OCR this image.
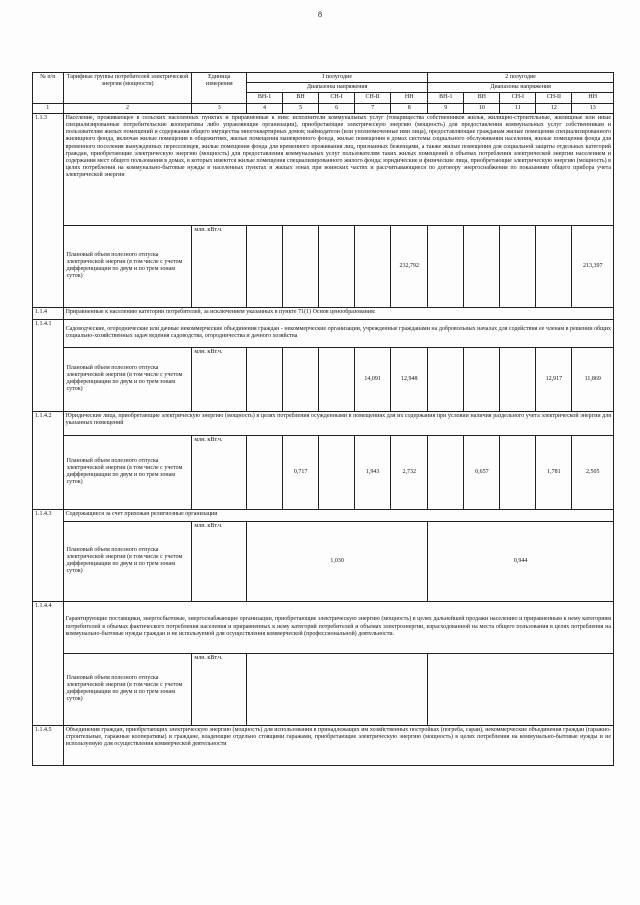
8
№ п/п	Тарифные группы потребителей электрической энергии (мощности)	Единица измерения	I полугодие					2 полугодие				
			Диапазоны напряжения					Диапазоны напряжения				
			ВН-1	ВН	СН-I	СН-II	НН	ВН-1	ВН	СН-I	СН-II	НН
1	2	3	4	5	6	7	8	9	10	11	12	13
1.1.3	Население, проживающее в сельских населенных пунктах и приравненные к ним: исполнители коммунальных услуг (товарищества собственников жилья, жилищно-строительные, жилищные или иные специализированные потребительские кооперативы либо управляющие организации), приобретающие электрическую энергию (мощность) для предоставления коммунальных услуг собственникам и пользователям жилых помещений и содержания общего имущества многоквартирных домов; наймодатели (или уполномоченные ими лица), предоставляющие гражданам жилые помещения специализированного жилищного фонда, включая жилые помещения в общежитиях, жилые помещения маневренного фонда, жилые помещения в домах системы социального обслуживания населения, жилые помещения фонда для временного поселения вынужденных переселенцев, жилые помещения фонда для временного проживания лиц, признанных беженцами, а также жилые помещения для социальной защиты отдельных категорий граждан, приобретающие электрическую энергию (мощность) для предоставления коммунальных услуг пользователям таких жилых помещений в объемах потребления электрической энергии населением и содержания мест общего пользования в домах, в которых имеются жилые помещения специализированного жилого фонда; юридические и физические лица, приобретающие электрическую энергию (мощность) в целях потребления на коммунально-бытовые нужды в населенных пунктах и жилых зонах при воинских частях и рассчитывающиеся по договору энергоснабжения по показаниям общего прибора учета электрической энергии											
	Плановый объем полезного отпуска электрической энергии (в том числе с учетом дифференциации по двум и по трем зонам суток)	млн. кВт.ч.					232,792					213,397
1.1.4	Приравненные к населению категории потребителей, за исключением указанных в пункте 71(1) Основ ценообразования:											
1.1.4.1	Садоводческие, огороднические или дачные некоммерческие объединения граждан - некоммерческие организации, учрежденные гражданами на добровольных началах для содействия ее членам в решении общих социально-хозяйственных задач ведения садоводства, огородничества и дачного хозяйства											
	Плановый объем полезного отпуска электрической энергии (в том числе с учетом дифференциации по двум и по трем зонам суток)	млн. кВт.ч.				14,091	12,948				12,917	11,869
1.1.4.2	Юридические лица, приобретающие электрическую энергию (мощность) в целях потребления осужденными в помещениях для их содержания при условии наличия раздельного учета электрической энергии для указанных помещений											
	Плановый объем полезного отпуска электрической энергии (в том числе с учетом дифференциации по двум и по трем зонам суток)	млн. кВт.ч.		0,717		1,943	2,732		0,657		1,781	2,505
1.1.4.3	Содержащиеся за счет прихожан религиозные организации											
	Плановый объем полезного отпуска электрической энергии (в том числе с учетом дифференциации по двум и по трем зонам суток)	млн. кВт.ч.	1,030					0,944				
1.1.4.4	Гарантирующие поставщики, энергосбытовые, энергоснабжающие организации, приобретающие электрическую энергию (мощность) в целях дальнейшей продажи населению и приравненным к нему категориям потребителей в объемах фактического потребления населения и приравненных к нему категорий потребителей и объемах электроэнергии, израсходованной на места общего пользования в целях потребления на коммунально-бытовые нужды граждан и не используемой для осуществления коммерческой (профессиональной) деятельности.											
	Плановый объем полезного отпуска электрической энергии (в том числе с учетом дифференциации по двум и по трем зонам суток)	млн. кВт.ч.										
1.1.4.5	Объединения граждан, приобретающих электрическую энергию (мощность) для использования в принадлежащих им хозяйственных постройках (погреба, сараи), некоммерческие объединения граждан (гаражно-строительные, гаражные кооперативы) и граждане, владеющие отдельно стоящими гаражами, приобретающие электрическую энергию (мощность) в целях потребления на коммунально-бытовые нужды и не используемую для осуществления коммерческой деятельности											
